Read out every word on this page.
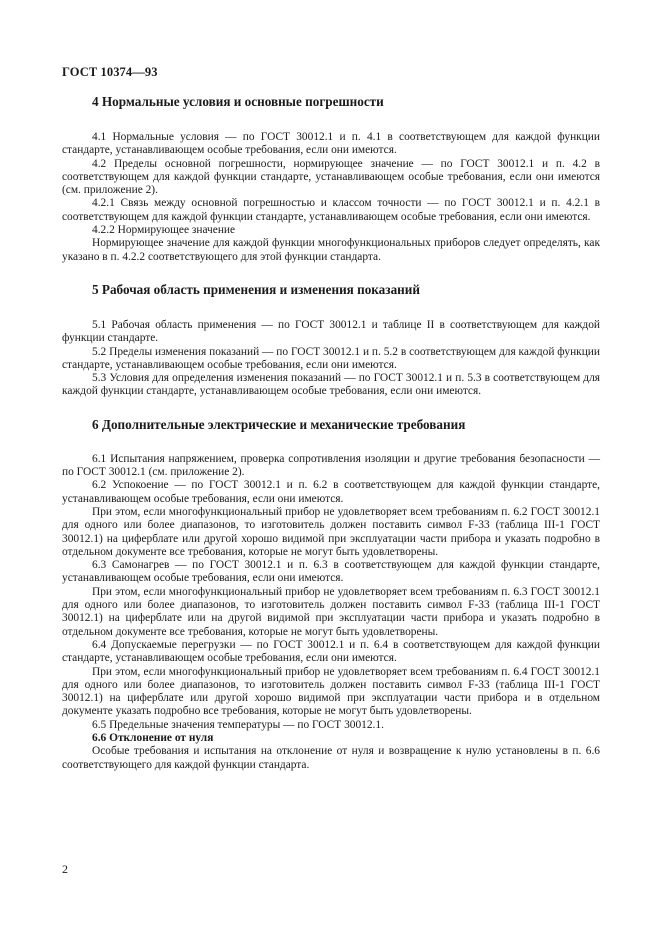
ГОСТ 10374—93
4 Нормальные условия и основные погрешности

4.1 Нормальные условия — по ГОСТ 30012.1 и п. 4.1 в соответствующем для каждой функции стандарте, устанавливающем особые требования, если они имеются.

4.2 Пределы основной погрешности, нормирующее значение — по ГОСТ 30012.1 и п. 4.2 в соответствующем для каждой функции стандарте, устанавливающем особые требования, если они имеются (см. приложение 2).

4.2.1 Связь между основной погрешностью и классом точности — по ГОСТ 30012.1 и п. 4.2.1 в соответствующем для каждой функции стандарте, устанавливающем особые требования, если они имеются.

4.2.2 Нормирующее значение

Нормирующее значение для каждой функции многофункциональных приборов следует определять, как указано в п. 4.2.2 соответствующего для этой функции стандарта.

5 Рабочая область применения и изменения показаний

5.1 Рабочая область применения — по ГОСТ 30012.1 и таблице II в соответствующем для каждой функции стандарте.

5.2 Пределы изменения показаний — по ГОСТ 30012.1 и п. 5.2 в соответствующем для каждой функции стандарте, устанавливающем особые требования, если они имеются.

5.3 Условия для определения изменения показаний — по ГОСТ 30012.1 и п. 5.3 в соответствующем для каждой функции стандарте, устанавливающем особые требования, если они имеются.

6 Дополнительные электрические и механические требования

6.1 Испытания напряжением, проверка сопротивления изоляции и другие требования безопасности — по ГОСТ 30012.1 (см. приложение 2).

6.2 Успокоение — по ГОСТ 30012.1 и п. 6.2 в соответствующем для каждой функции стандарте, устанавливающем особые требования, если они имеются.

При этом, если многофункциональный прибор не удовлетворяет всем требованиям п. 6.2 ГОСТ 30012.1 для одного или более диапазонов, то изготовитель должен поставить символ F-33 (таблица III-1 ГОСТ 30012.1) на циферблате или другой хорошо видимой при эксплуатации части прибора и указать подробно в отдельном документе все требования, которые не могут быть удовлетворены.

6.3 Самонагрев — по ГОСТ 30012.1 и п. 6.3 в соответствующем для каждой функции стандарте, устанавливающем особые требования, если они имеются.

При этом, если многофункциональный прибор не удовлетворяет всем требованиям п. 6.3 ГОСТ 30012.1 для одного или более диапазонов, то изготовитель должен поставить символ F-33 (таблица III-1 ГОСТ 30012.1) на циферблате или на другой видимой при эксплуатации части прибора и указать подробно в отдельном документе все требования, которые не могут быть удовлетворены.

6.4 Допускаемые перегрузки — по ГОСТ 30012.1 и п. 6.4 в соответствующем для каждой функции стандарте, устанавливающем особые требования, если они имеются.

При этом, если многофункциональный прибор не удовлетворяет всем требованиям п. 6.4 ГОСТ 30012.1 для одного или более диапазонов, то изготовитель должен поставить символ F-33 (таблица III-1 ГОСТ 30012.1) на циферблате или другой хорошо видимой при эксплуатации части прибора и в отдельном документе указать подробно все требования, которые не могут быть удовлетворены.

6.5 Предельные значения температуры — по ГОСТ 30012.1.

6.6 Отклонение от нуля

Особые требования и испытания на отклонение от нуля и возвращение к нулю установлены в п. 6.6 соответствующего для каждой функции стандарта.

2
